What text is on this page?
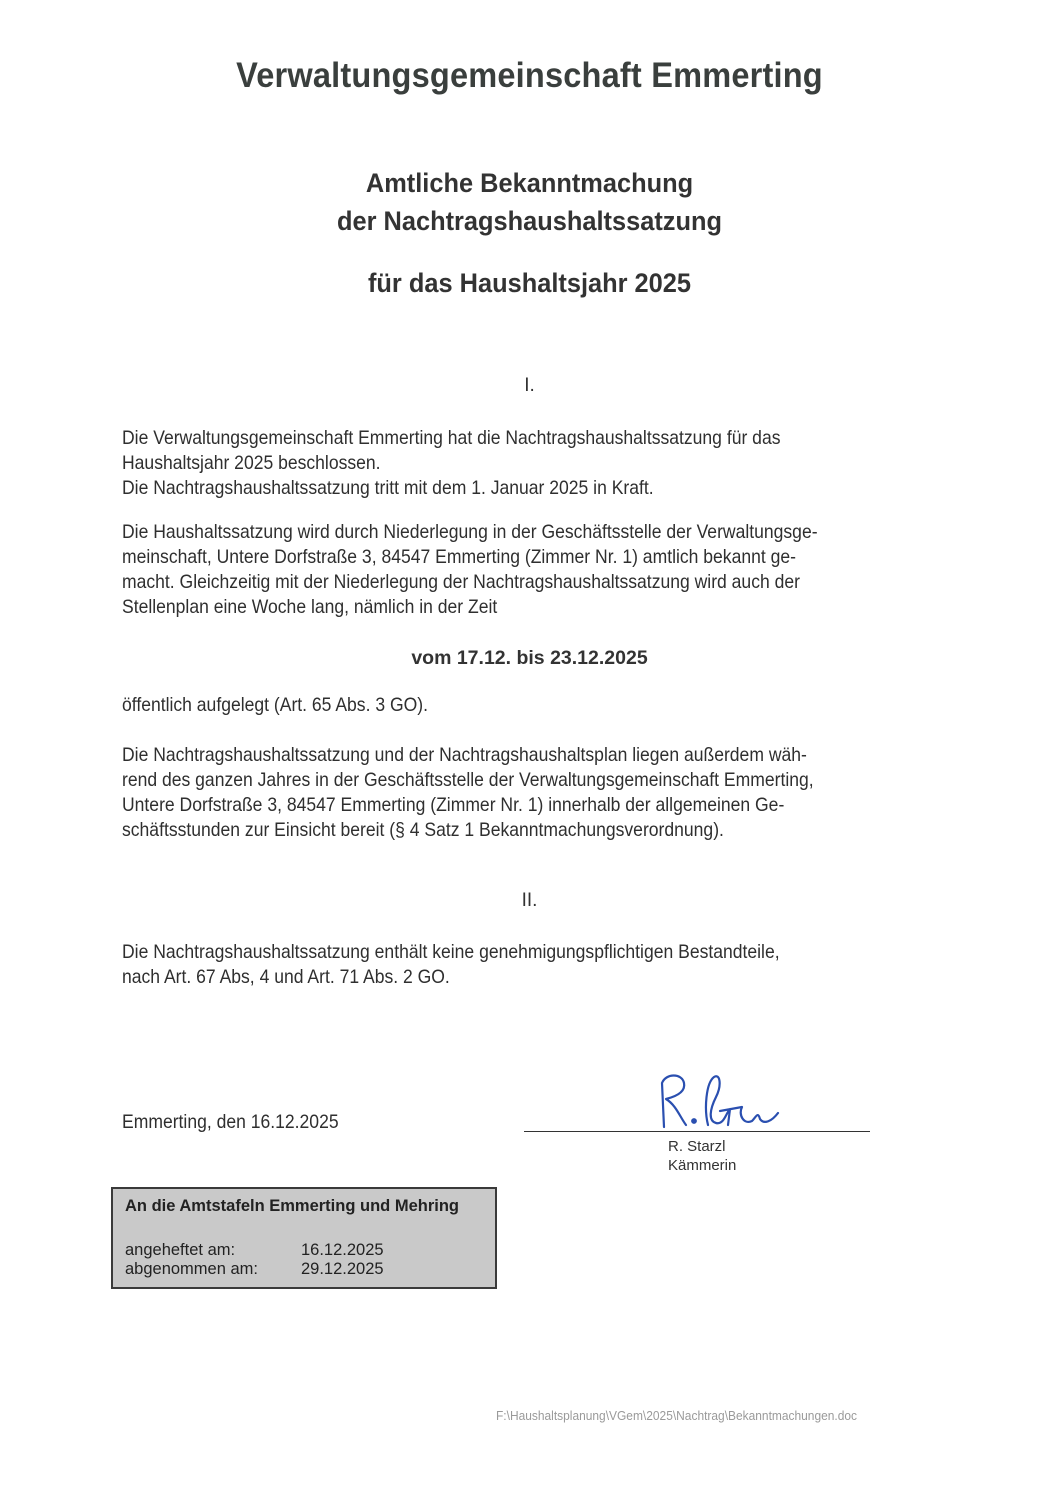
Verwaltungsgemeinschaft Emmerting
Amtliche Bekanntmachung
der Nachtragshaushaltssatzung
für das Haushaltsjahr 2025
I.
Die Verwaltungsgemeinschaft Emmerting hat die Nachtragshaushaltssatzung für das
Haushaltsjahr 2025 beschlossen.
Die Nachtragshaushaltssatzung tritt mit dem 1. Januar 2025 in Kraft.
Die Haushaltssatzung wird durch Niederlegung in der Geschäftsstelle der Verwaltungsge-
meinschaft, Untere Dorfstraße 3, 84547 Emmerting (Zimmer Nr. 1) amtlich bekannt ge-
macht. Gleichzeitig mit der Niederlegung der Nachtragshaushaltssatzung wird auch der
Stellenplan eine Woche lang, nämlich in der Zeit
vom 17.12. bis 23.12.2025
öffentlich aufgelegt (Art. 65 Abs. 3 GO).
Die Nachtragshaushaltssatzung und der Nachtragshaushaltsplan liegen außerdem wäh-
rend des ganzen Jahres in der Geschäftsstelle der Verwaltungsgemeinschaft Emmerting,
Untere Dorfstraße 3, 84547 Emmerting (Zimmer Nr. 1) innerhalb der allgemeinen Ge-
schäftsstunden zur Einsicht bereit (§ 4 Satz 1 Bekanntmachungsverordnung).
II.
Die Nachtragshaushaltssatzung enthält keine genehmigungspflichtigen Bestandteile,
nach Art. 67 Abs, 4 und Art. 71 Abs. 2 GO.
Emmerting, den 16.12.2025
R. Starzl
Kämmerin
An die Amtstafeln Emmerting und Mehring
angeheftet am:	16.12.2025
abgenommen am:	29.12.2025
F:\Haushaltsplanung\VGem\2025\Nachtrag\Bekanntmachungen.doc
